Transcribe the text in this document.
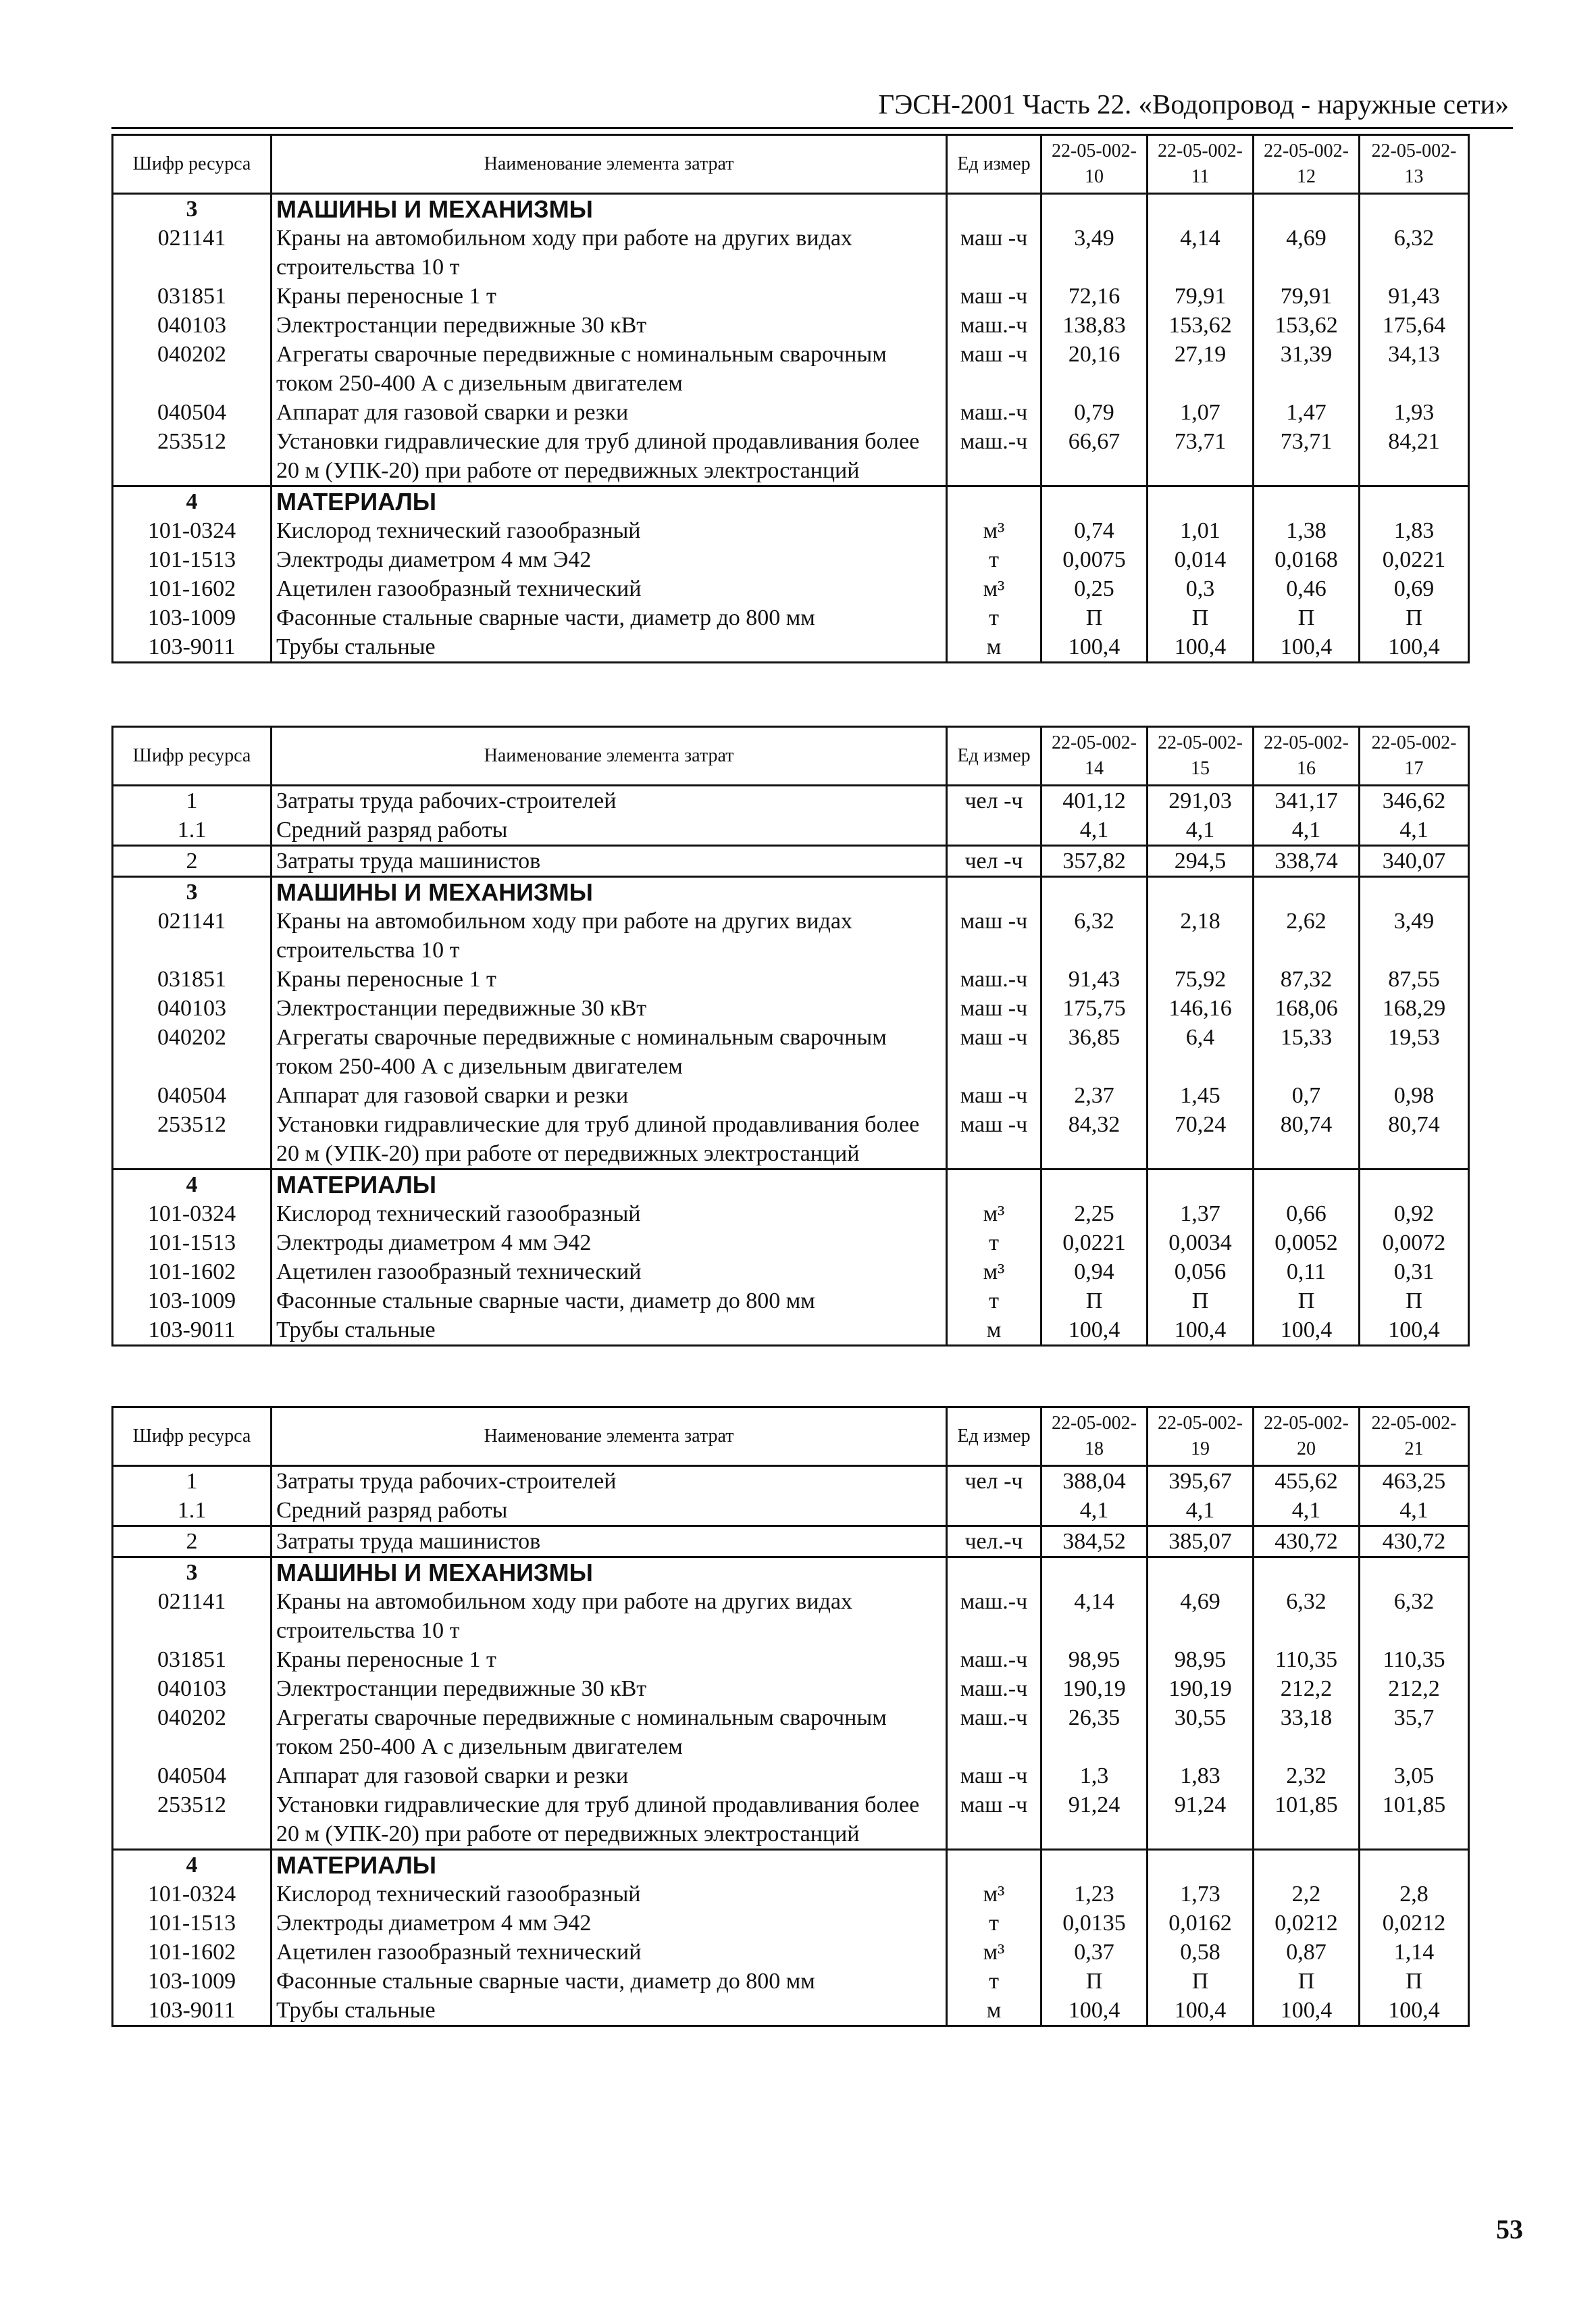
ГЭСН-2001 Часть 22. «Водопровод - наружные сети»
Шифр ресурса	Наименование элемента затрат	Ед измер	22-05-002-10	22-05-002-11	22-05-002-12	22-05-002-13
3	МАШИНЫ И МЕХАНИЗМЫ					
021141	Краны на автомобильном ходу при работе на других видах строительства 10 т	маш -ч	3,49	4,14	4,69	6,32
031851	Краны переносные 1 т	маш -ч	72,16	79,91	79,91	91,43
040103	Электростанции передвижные 30 кВт	маш.-ч	138,83	153,62	153,62	175,64
040202	Агрегаты сварочные передвижные с номинальным сварочным током 250-400 А с дизельным двигателем	маш -ч	20,16	27,19	31,39	34,13
040504	Аппарат для газовой сварки и резки	маш.-ч	0,79	1,07	1,47	1,93
253512	Установки гидравлические для труб длиной продавливания более 20 м (УПК-20) при работе от передвижных электростанций	маш.-ч	66,67	73,71	73,71	84,21
4	МАТЕРИАЛЫ					
101-0324	Кислород технический газообразный	м³	0,74	1,01	1,38	1,83
101-1513	Электроды диаметром 4 мм Э42	т	0,0075	0,014	0,0168	0,0221
101-1602	Ацетилен газообразный технический	м³	0,25	0,3	0,46	0,69
103-1009	Фасонные стальные сварные части, диаметр до 800 мм	т	П	П	П	П
103-9011	Трубы стальные	м	100,4	100,4	100,4	100,4
Шифр ресурса	Наименование элемента затрат	Ед измер	22-05-002-14	22-05-002-15	22-05-002-16	22-05-002-17
1	Затраты труда рабочих-строителей	чел -ч	401,12	291,03	341,17	346,62
1.1	Средний разряд работы		4,1	4,1	4,1	4,1
2	Затраты труда машинистов	чел -ч	357,82	294,5	338,74	340,07
3	МАШИНЫ И МЕХАНИЗМЫ					
021141	Краны на автомобильном ходу при работе на других видах строительства 10 т	маш -ч	6,32	2,18	2,62	3,49
031851	Краны переносные 1 т	маш.-ч	91,43	75,92	87,32	87,55
040103	Электростанции передвижные 30 кВт	маш -ч	175,75	146,16	168,06	168,29
040202	Агрегаты сварочные передвижные с номинальным сварочным током 250-400 А с дизельным двигателем	маш -ч	36,85	6,4	15,33	19,53
040504	Аппарат для газовой сварки и резки	маш -ч	2,37	1,45	0,7	0,98
253512	Установки гидравлические для труб длиной продавливания более 20 м (УПК-20) при работе от передвижных электростанций	маш -ч	84,32	70,24	80,74	80,74
4	МАТЕРИАЛЫ					
101-0324	Кислород технический газообразный	м³	2,25	1,37	0,66	0,92
101-1513	Электроды диаметром 4 мм Э42	т	0,0221	0,0034	0,0052	0,0072
101-1602	Ацетилен газообразный технический	м³	0,94	0,056	0,11	0,31
103-1009	Фасонные стальные сварные части, диаметр до 800 мм	т	П	П	П	П
103-9011	Трубы стальные	м	100,4	100,4	100,4	100,4
Шифр ресурса	Наименование элемента затрат	Ед измер	22-05-002-18	22-05-002-19	22-05-002-20	22-05-002-21
1	Затраты труда рабочих-строителей	чел -ч	388,04	395,67	455,62	463,25
1.1	Средний разряд работы		4,1	4,1	4,1	4,1
2	Затраты труда машинистов	чел.-ч	384,52	385,07	430,72	430,72
3	МАШИНЫ И МЕХАНИЗМЫ					
021141	Краны на автомобильном ходу при работе на других видах строительства 10 т	маш.-ч	4,14	4,69	6,32	6,32
031851	Краны переносные 1 т	маш.-ч	98,95	98,95	110,35	110,35
040103	Электростанции передвижные 30 кВт	маш.-ч	190,19	190,19	212,2	212,2
040202	Агрегаты сварочные передвижные с номинальным сварочным током 250-400 А с дизельным двигателем	маш.-ч	26,35	30,55	33,18	35,7
040504	Аппарат для газовой сварки и резки	маш -ч	1,3	1,83	2,32	3,05
253512	Установки гидравлические для труб длиной продавливания более 20 м (УПК-20) при работе от передвижных электростанций	маш -ч	91,24	91,24	101,85	101,85
4	МАТЕРИАЛЫ					
101-0324	Кислород технический газообразный	м³	1,23	1,73	2,2	2,8
101-1513	Электроды диаметром 4 мм Э42	т	0,0135	0,0162	0,0212	0,0212
101-1602	Ацетилен газообразный технический	м³	0,37	0,58	0,87	1,14
103-1009	Фасонные стальные сварные части, диаметр до 800 мм	т	П	П	П	П
103-9011	Трубы стальные	м	100,4	100,4	100,4	100,4
53
